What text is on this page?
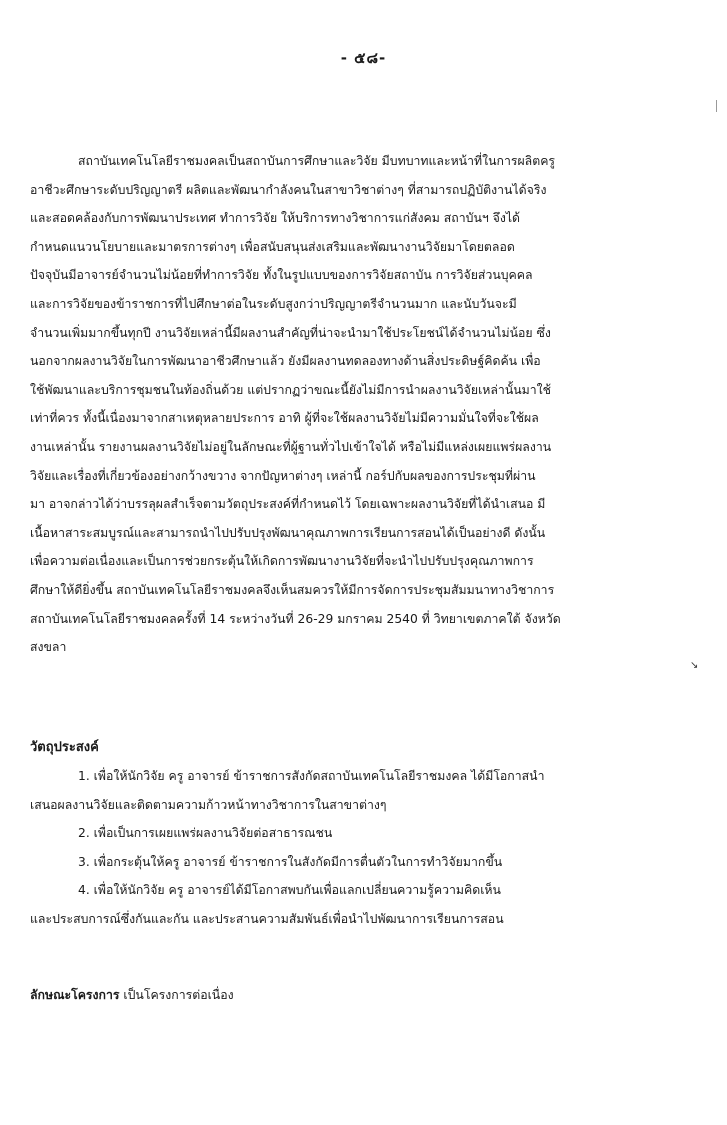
- ๕๘-
สถาบันเทคโนโลยีราชมงคลเป็นสถาบันการศึกษาและวิจัย มีบทบาทและหน้าที่ในการผลิตครู
อาชีวะศึกษาระดับปริญญาตรี ผลิตและพัฒนากำลังคนในสาขาวิชาต่างๆ ที่สามารถปฏิบัติงานได้จริง
และสอดคล้องกับการพัฒนาประเทศ ทำการวิจัย ให้บริการทางวิชาการแก่สังคม สถาบันฯ จึงได้
กำหนดแนวนโยบายและมาตรการต่างๆ เพื่อสนับสนุนส่งเสริมและพัฒนางานวิจัยมาโดยตลอด
ปัจจุบันมีอาจารย์จำนวนไม่น้อยที่ทำการวิจัย ทั้งในรูปแบบของการวิจัยสถาบัน การวิจัยส่วนบุคคล
และการวิจัยของข้าราชการที่ไปศึกษาต่อในระดับสูงกว่าปริญญาตรีจำนวนมาก และนับวันจะมี
จำนวนเพิ่มมากขึ้นทุกปี งานวิจัยเหล่านี้มีผลงานสำคัญที่น่าจะนำมาใช้ประโยชน์ได้จำนวนไม่น้อย ซึ่ง
นอกจากผลงานวิจัยในการพัฒนาอาชีวศึกษาแล้ว ยังมีผลงานทดลองทางด้านสิ่งประดิษฐ์คิดค้น เพื่อ
ใช้พัฒนาและบริการชุมชนในท้องถิ่นด้วย แต่ปรากฏว่าขณะนี้ยังไม่มีการนำผลงานวิจัยเหล่านั้นมาใช้
เท่าที่ควร ทั้งนี้เนื่องมาจากสาเหตุหลายประการ อาทิ ผู้ที่จะใช้ผลงานวิจัยไม่มีความมั่นใจที่จะใช้ผล
งานเหล่านั้น รายงานผลงานวิจัยไม่อยู่ในลักษณะที่ผู้ฐานทั่วไปเข้าใจได้ หรือไม่มีแหล่งเผยแพร่ผลงาน
วิจัยและเรื่องที่เกี่ยวข้องอย่างกว้างขวาง จากปัญหาต่างๆ เหล่านี้ กอร์ปกับผลของการประชุมที่ผ่าน
มา อาจกล่าวได้ว่าบรรลุผลสำเร็จตามวัตถุประสงค์ที่กำหนดไว้ โดยเฉพาะผลงานวิจัยที่ได้นำเสนอ มี
เนื้อหาสาระสมบูรณ์และสามารถนำไปปรับปรุงพัฒนาคุณภาพการเรียนการสอนได้เป็นอย่างดี ดังนั้น
เพื่อความต่อเนื่องและเป็นการช่วยกระตุ้นให้เกิดการพัฒนางานวิจัยที่จะนำไปปรับปรุงคุณภาพการ
ศึกษาให้ดียิ่งขึ้น สถาบันเทคโนโลยีราชมงคลจึงเห็นสมควรให้มีการจัดการประชุมสัมมนาทางวิชาการ
สถาบันเทคโนโลยีราชมงคลครั้งที่ 14 ระหว่างวันที่ 26-29 มกราคม 2540 ที่ วิทยาเขตภาคใต้ จังหวัด
สงขลา
↘
วัตถุประสงค์
1. เพื่อให้นักวิจัย ครู อาจารย์ ข้าราชการสังกัดสถาบันเทคโนโลยีราชมงคล ได้มีโอกาสนำ
เสนอผลงานวิจัยและติดตามความก้าวหน้าทางวิชาการในสาขาต่างๆ
2. เพื่อเป็นการเผยแพร่ผลงานวิจัยต่อสาธารณชน
3. เพื่อกระตุ้นให้ครู อาจารย์ ข้าราชการในสังกัดมีการตื่นตัวในการทำวิจัยมากขึ้น
4. เพื่อให้นักวิจัย ครู อาจารย์ได้มีโอกาสพบกันเพื่อแลกเปลี่ยนความรู้ความคิดเห็น
และประสบการณ์ซึ่งกันและกัน และประสานความสัมพันธ์เพื่อนำไปพัฒนาการเรียนการสอน
ลักษณะโครงการ เป็นโครงการต่อเนื่อง
